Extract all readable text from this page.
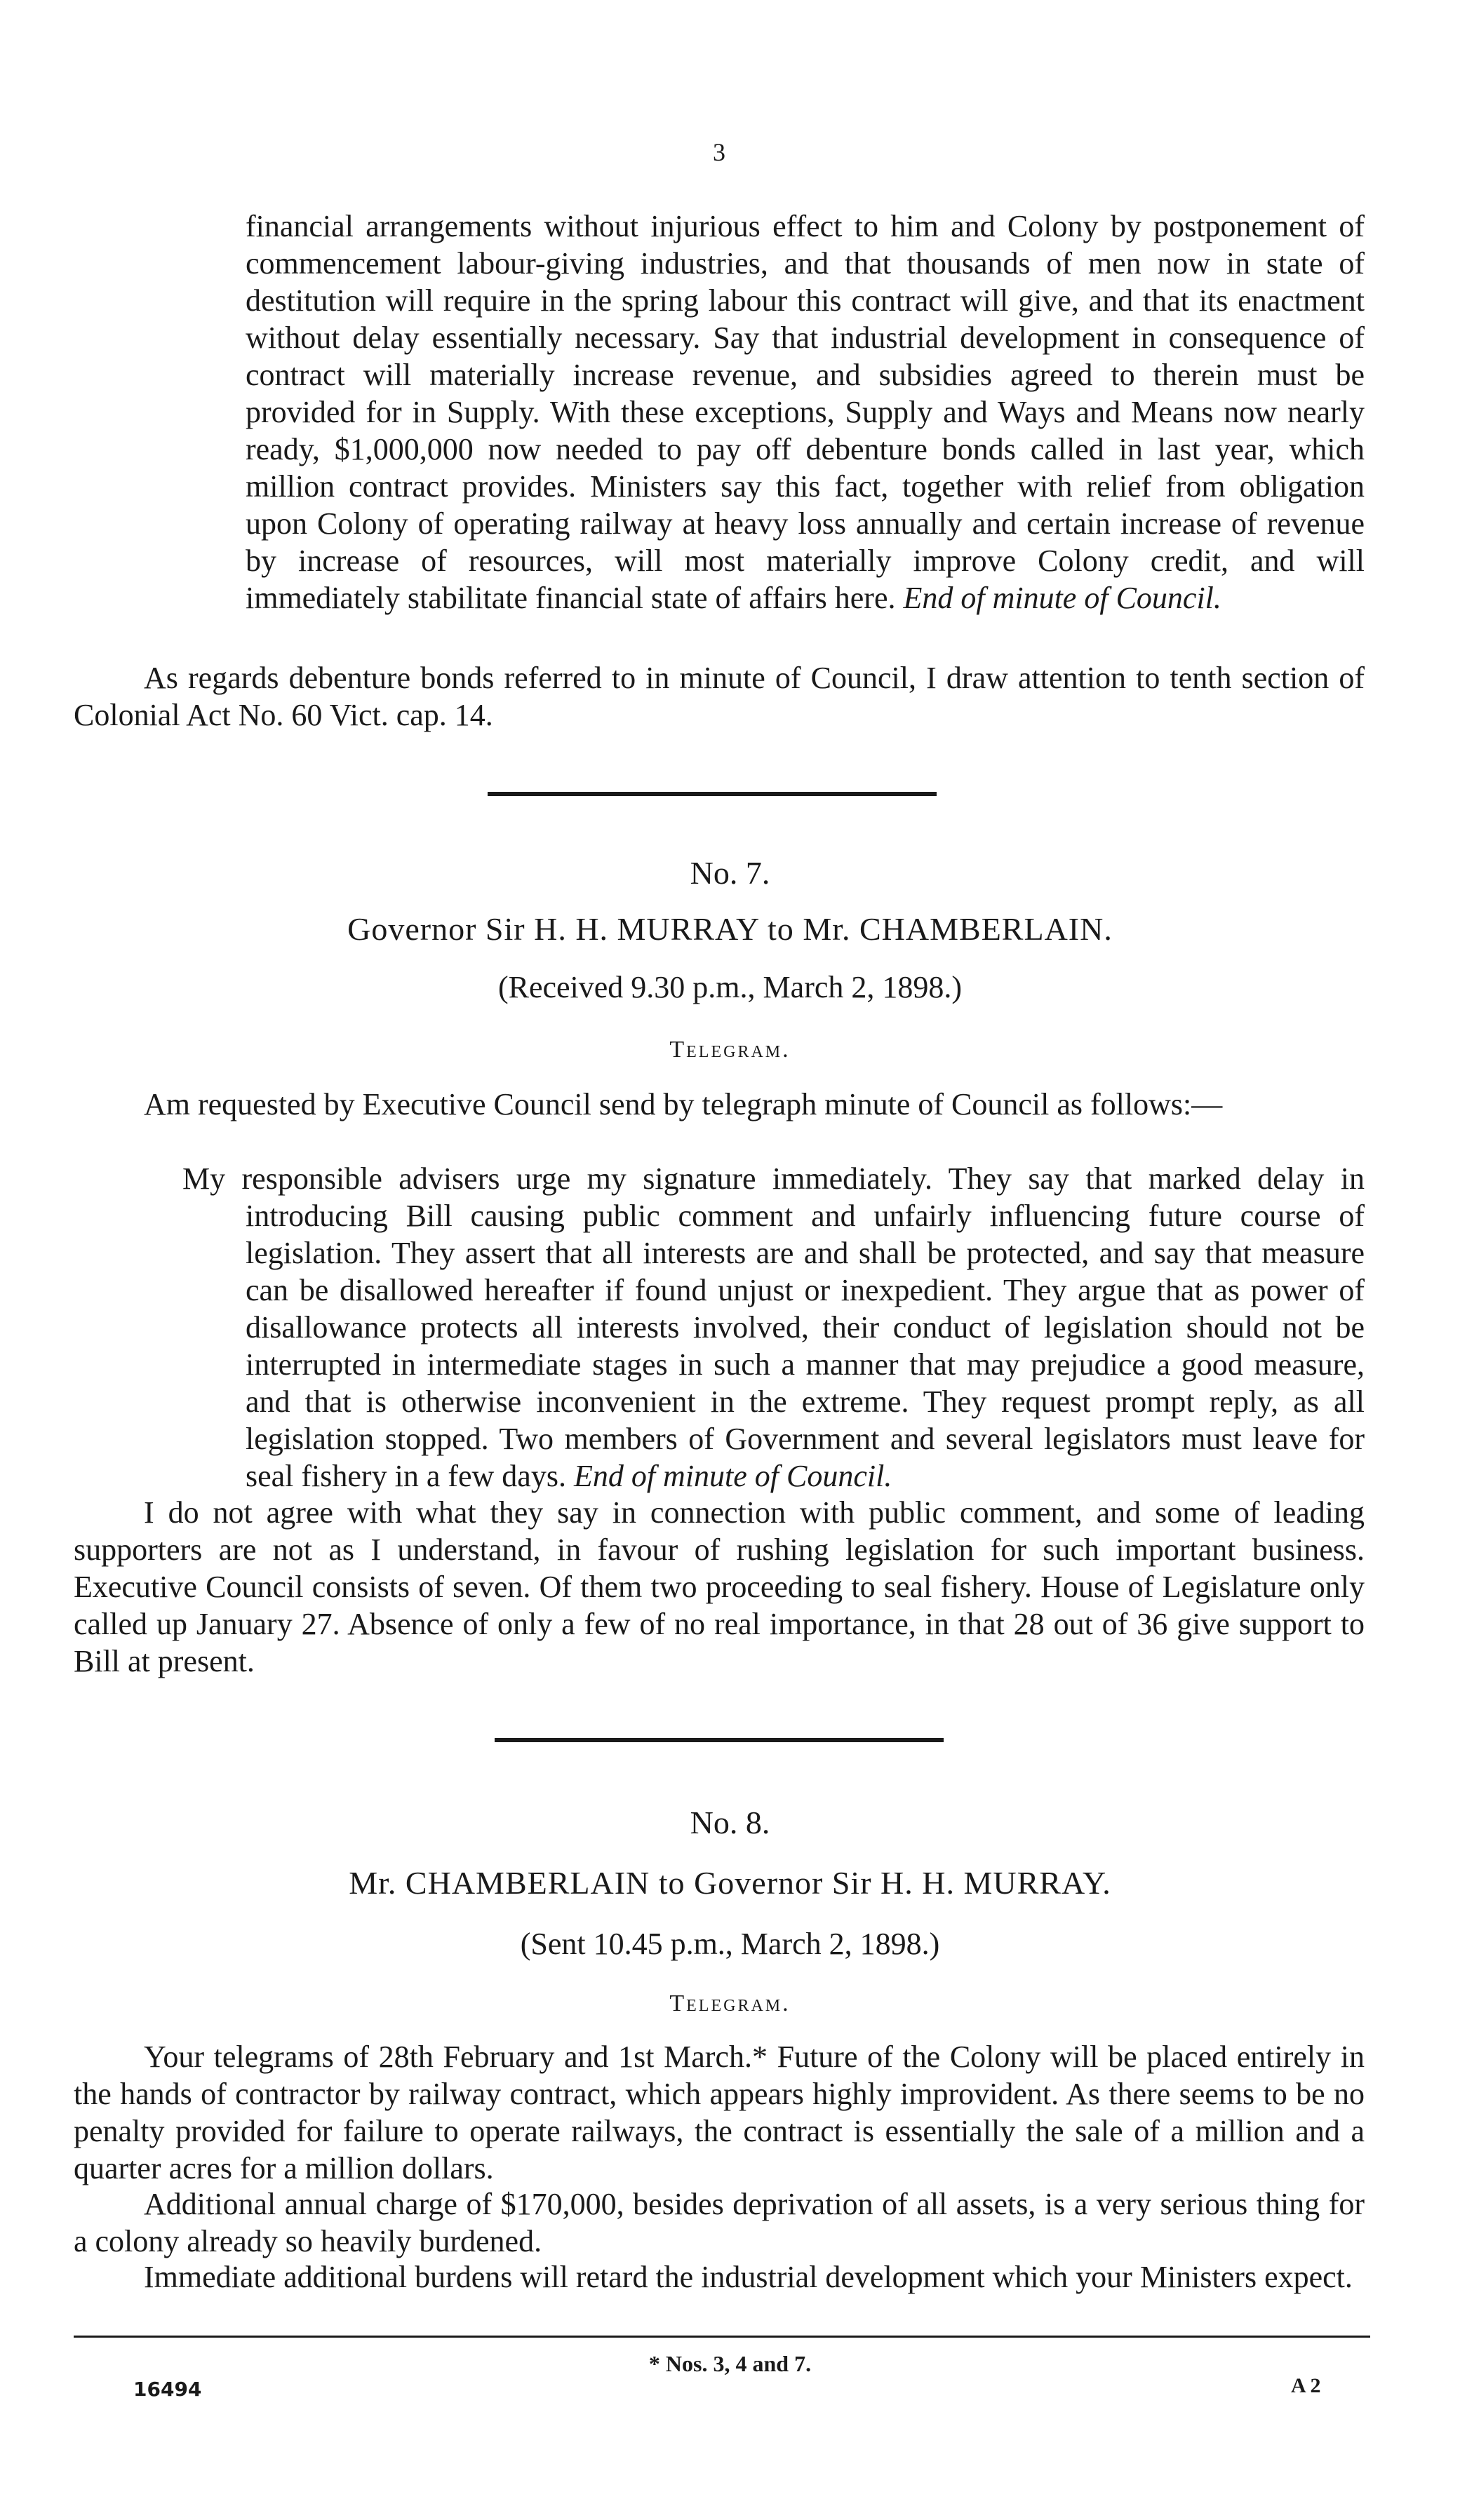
3

financial arrangements without injurious effect to him and Colony by postponement of commencement labour-giving industries, and that thousands of men now in state of destitution will require in the spring labour this contract will give, and that its enactment without delay essentially necessary. Say that industrial development in consequence of contract will materially increase revenue, and subsidies agreed to therein must be provided for in Supply. With these exceptions, Supply and Ways and Means now nearly ready, $1,000,000 now needed to pay off debenture bonds called in last year, which million contract provides. Ministers say this fact, together with relief from obligation upon Colony of operating railway at heavy loss annually and certain increase of revenue by increase of resources, will most materially improve Colony credit, and will immediately stabilitate financial state of affairs here. End of minute of Council.

As regards debenture bonds referred to in minute of Council, I draw attention to tenth section of Colonial Act No. 60 Vict. cap. 14.

No. 7.
Governor Sir H. H. MURRAY to Mr. CHAMBERLAIN.
(Received 9.30 p.m., March 2, 1898.)
Telegram.

Am requested by Executive Council send by telegraph minute of Council as follows:—

My responsible advisers urge my signature immediately. They say that marked delay in introducing Bill causing public comment and unfairly influencing future course of legislation. They assert that all interests are and shall be protected, and say that measure can be disallowed hereafter if found unjust or inexpedient. They argue that as power of disallowance protects all interests involved, their conduct of legislation should not be interrupted in intermediate stages in such a manner that may prejudice a good measure, and that is otherwise inconvenient in the extreme. They request prompt reply, as all legislation stopped. Two members of Government and several legislators must leave for seal fishery in a few days. End of minute of Council.

I do not agree with what they say in connection with public comment, and some of leading supporters are not as I understand, in favour of rushing legislation for such important business. Executive Council consists of seven. Of them two proceeding to seal fishery. House of Legislature only called up January 27. Absence of only a few of no real importance, in that 28 out of 36 give support to Bill at present.

No. 8.
Mr. CHAMBERLAIN to Governor Sir H. H. MURRAY.
(Sent 10.45 p.m., March 2, 1898.)
Telegram.

Your telegrams of 28th February and 1st March.* Future of the Colony will be placed entirely in the hands of contractor by railway contract, which appears highly improvident. As there seems to be no penalty provided for failure to operate railways, the contract is essentially the sale of a million and a quarter acres for a million dollars.

Additional annual charge of $170,000, besides deprivation of all assets, is a very serious thing for a colony already so heavily burdened.

Immediate additional burdens will retard the industrial development which your Ministers expect.

* Nos. 3, 4 and 7.
16494	A 2
